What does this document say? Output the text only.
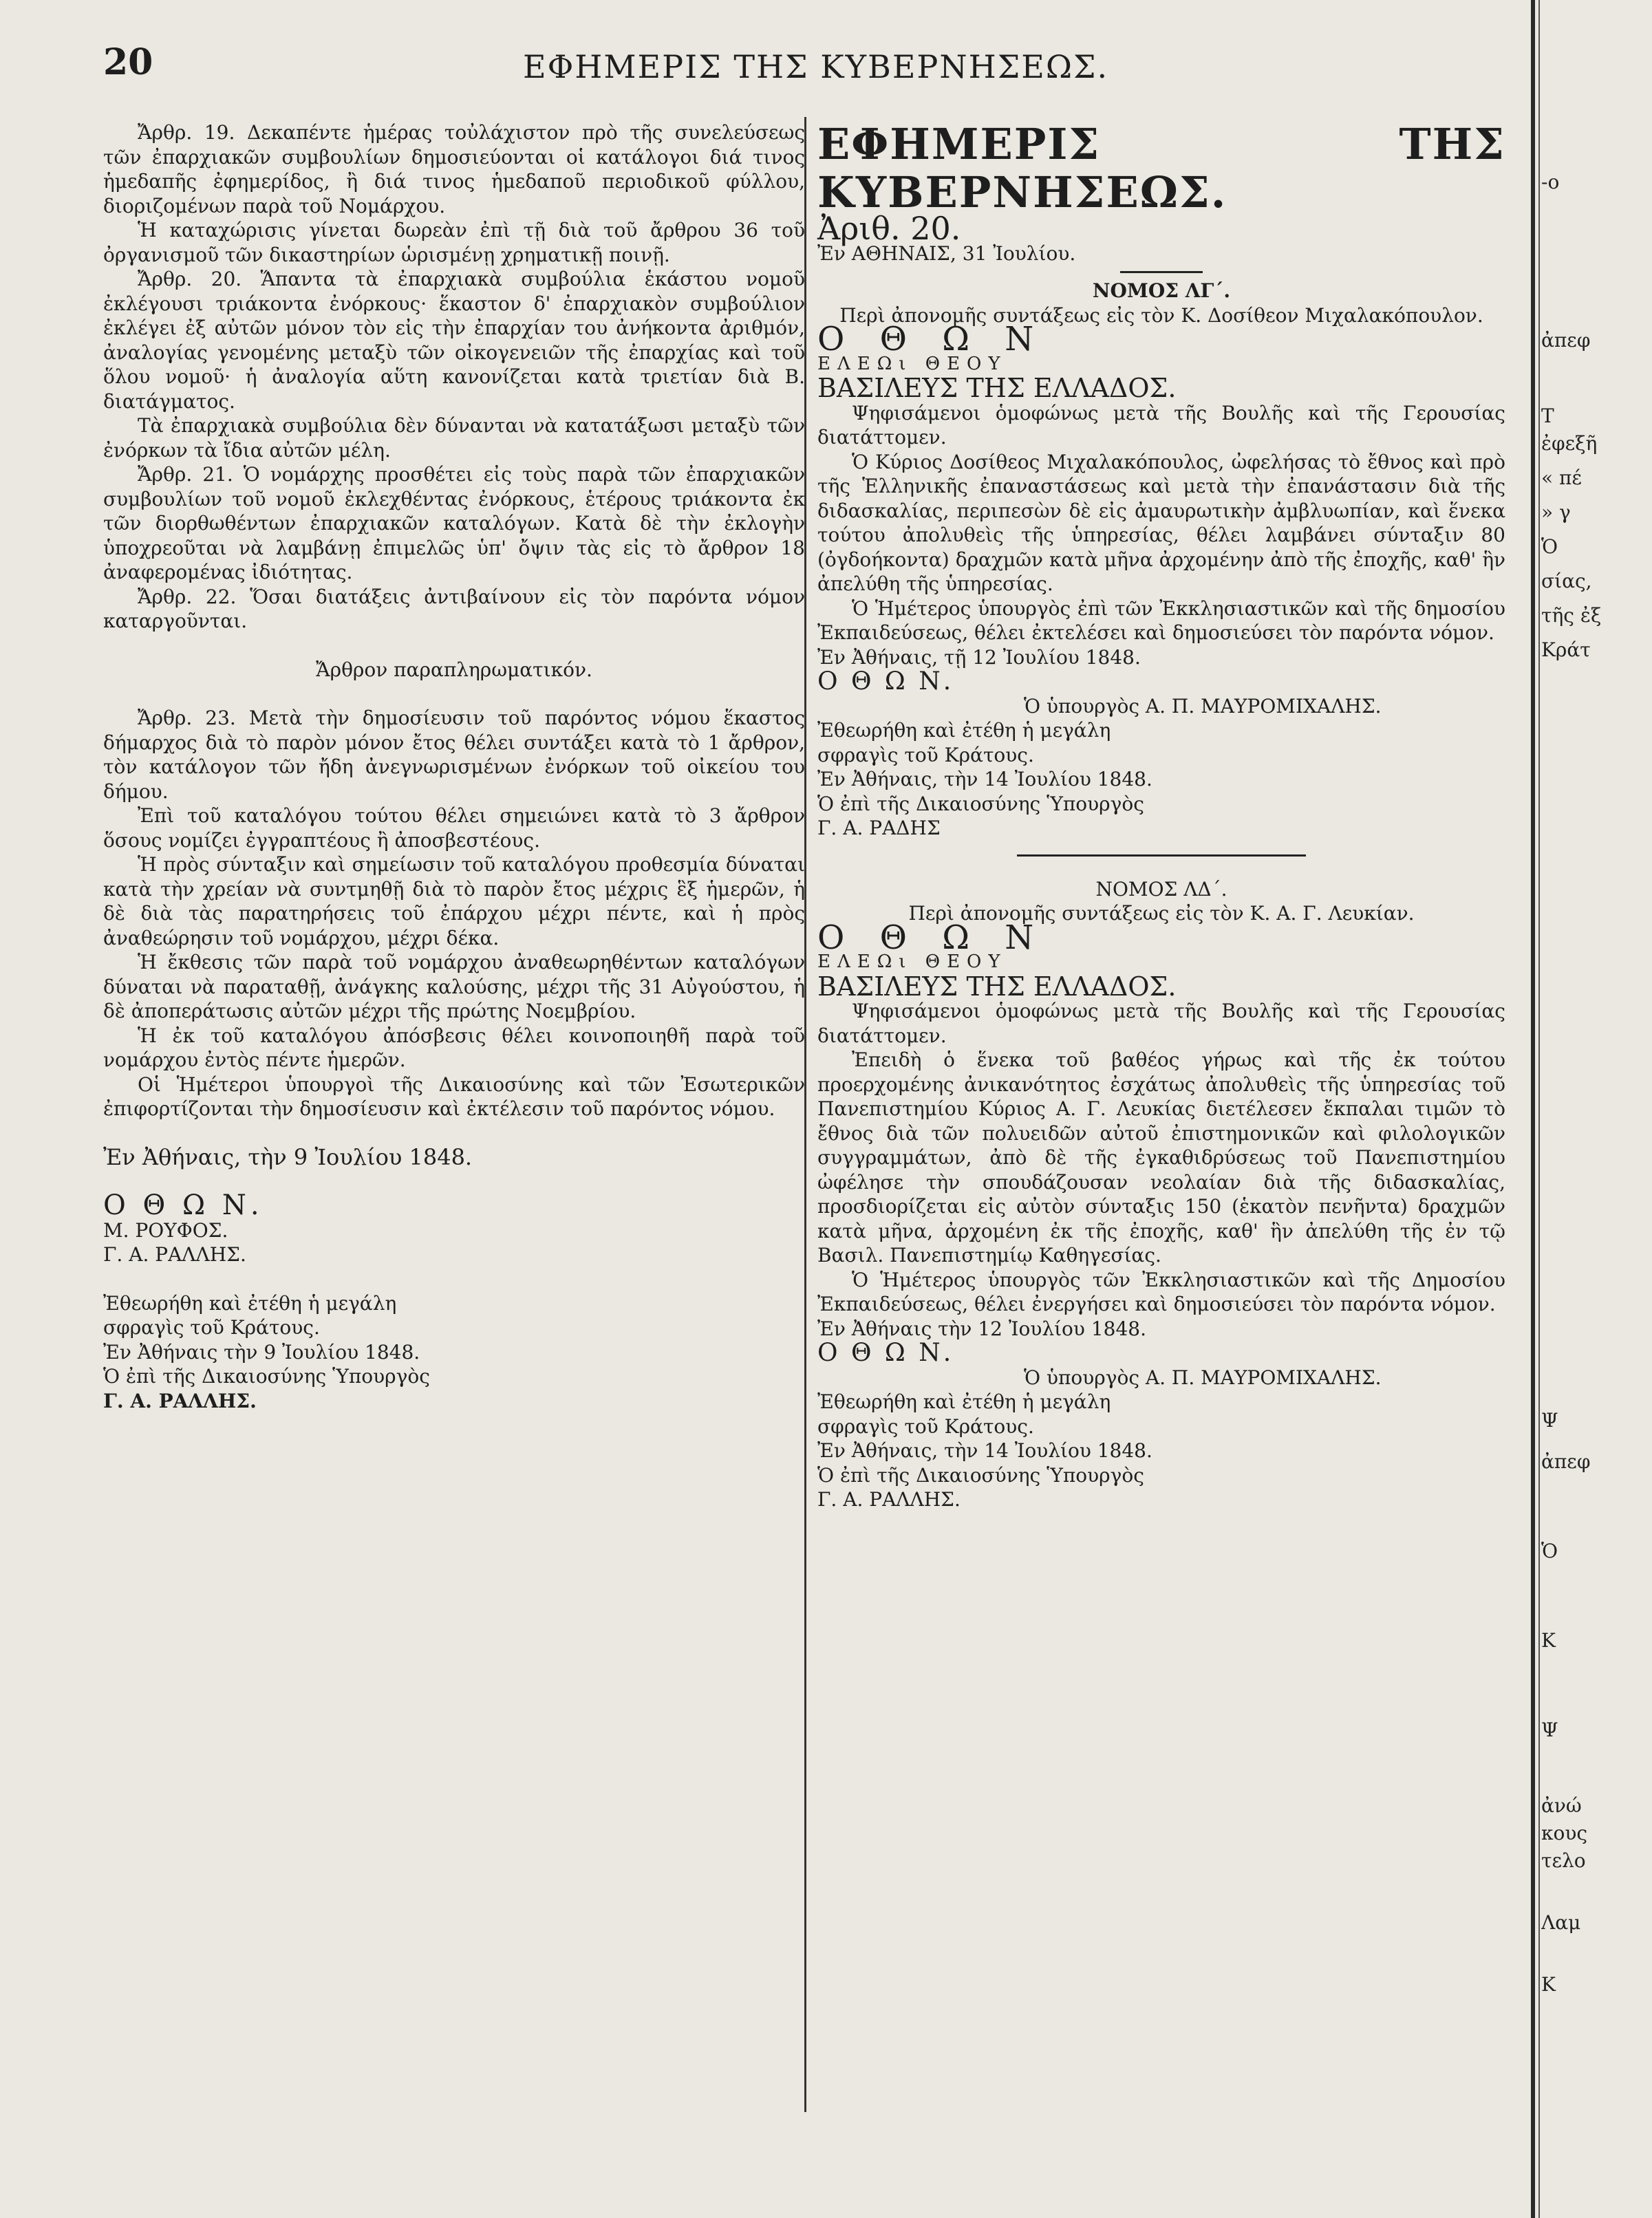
20	ΕΦΗΜΕΡΙΣ ΤΗΣ ΚΥΒΕΡΝΗΣΕΩΣ.

Ἄρθρ. 19. Δεκαπέντε ἡμέρας τοὐλάχιστον πρὸ τῆς συνελεύσεως τῶν ἐπαρχιακῶν συμβουλίων δημοσιεύονται οἱ κατάλογοι διά τινος ἡμεδαπῆς ἐφημερίδος, ἢ διά τινος ἡμεδαποῦ περιοδικοῦ φύλλου, διοριζομένων παρὰ τοῦ Νομάρχου.

Ἡ καταχώρισις γίνεται δωρεὰν ἐπὶ τῇ διὰ τοῦ ἄρθρου 36 τοῦ ὀργανισμοῦ τῶν δικαστηρίων ὡρισμένῃ χρηματικῇ ποινῇ.

Ἄρθρ. 20. Ἅπαντα τὰ ἐπαρχιακὰ συμβούλια ἑκάστου νομοῦ ἐκλέγουσι τριάκοντα ἐνόρκους· ἕκαστον δ' ἐπαρχιακὸν συμβούλιον ἐκλέγει ἐξ αὐτῶν μόνον τὸν εἰς τὴν ἐπαρχίαν του ἀνήκοντα ἀριθμόν, ἀναλογίας γενομένης μεταξὺ τῶν οἰκογενειῶν τῆς ἐπαρχίας καὶ τοῦ ὅλου νομοῦ· ἡ ἀναλογία αὕτη κανονίζεται κατὰ τριετίαν διὰ Β. διατάγματος.

Τὰ ἐπαρχιακὰ συμβούλια δὲν δύνανται νὰ κατατάξωσι μεταξὺ τῶν ἐνόρκων τὰ ἴδια αὐτῶν μέλη.

Ἄρθρ. 21. Ὁ νομάρχης προσθέτει εἰς τοὺς παρὰ τῶν ἐπαρχιακῶν συμβουλίων τοῦ νομοῦ ἐκλεχθέντας ἐνόρκους, ἑτέρους τριάκοντα ἐκ τῶν διορθωθέντων ἐπαρχιακῶν καταλόγων. Κατὰ δὲ τὴν ἐκλογὴν ὑποχρεοῦται νὰ λαμβάνῃ ἐπιμελῶς ὑπ' ὄψιν τὰς εἰς τὸ ἄρθρον 18 ἀναφερομένας ἰδιότητας.

Ἄρθρ. 22. Ὅσαι διατάξεις ἀντιβαίνουν εἰς τὸν παρόντα νόμον καταργοῦνται.

Ἄρθρον παραπληρωματικόν.

Ἄρθρ. 23. Μετὰ τὴν δημοσίευσιν τοῦ παρόντος νόμου ἕκαστος δήμαρχος διὰ τὸ παρὸν μόνον ἔτος θέλει συντάξει κατὰ τὸ 1 ἄρθρον, τὸν κατάλογον τῶν ἤδη ἀνεγνωρισμένων ἐνόρκων τοῦ οἰκείου του δήμου.

Ἐπὶ τοῦ καταλόγου τούτου θέλει σημειώνει κατὰ τὸ 3 ἄρθρον ὅσους νομίζει ἐγγραπτέους ἢ ἀποσβεστέους.

Ἡ πρὸς σύνταξιν καὶ σημείωσιν τοῦ καταλόγου προθεσμία δύναται κατὰ τὴν χρείαν νὰ συντμηθῇ διὰ τὸ παρὸν ἔτος μέχρις ἓξ ἡμερῶν, ἡ δὲ διὰ τὰς παρατηρήσεις τοῦ ἐπάρχου μέχρι πέντε, καὶ ἡ πρὸς ἀναθεώρησιν τοῦ νομάρχου, μέχρι δέκα.

Ἡ ἔκθεσις τῶν παρὰ τοῦ νομάρχου ἀναθεωρηθέντων καταλόγων δύναται νὰ παραταθῇ, ἀνάγκης καλούσης, μέχρι τῆς 31 Αὐγούστου, ἡ δὲ ἀποπεράτωσις αὐτῶν μέχρι τῆς πρώτης Νοεμβρίου.

Ἡ ἐκ τοῦ καταλόγου ἀπόσβεσις θέλει κοινοποιηθῆ παρὰ τοῦ νομάρχου ἐντὸς πέντε ἡμερῶν.

Οἱ Ἡμέτεροι ὑπουργοὶ τῆς Δικαιοσύνης καὶ τῶν Ἐσωτερικῶν ἐπιφορτίζονται τὴν δημοσίευσιν καὶ ἐκτέλεσιν τοῦ παρόντος νόμου.

Ἐν Ἀθήναις, τὴν 9 Ἰουλίου 1848.

Ο Θ Ω Ν.

Μ. ΡΟΥΦΟΣ.

Γ. Α. ΡΑΛΛΗΣ.

Ἐθεωρήθη καὶ ἐτέθη ἡ μεγάλη

σφραγὶς τοῦ Κράτους.

Ἐν Ἀθήναις τὴν 9 Ἰουλίου 1848.

Ὁ ἐπὶ τῆς Δικαιοσύνης Ὑπουργὸς

Γ. Α. ΡΑΛΛΗΣ.

ΕΦΗΜΕΡΙΣ ΤΗΣ ΚΥΒΕΡΝΗΣΕΩΣ.

Ἀριθ. 20.

Ἐν ΑΘΗΝΑΙΣ, 31 Ἰουλίου.

ΝΟΜΟΣ ΛΓ΄.

Περὶ ἀπονομῆς συντάξεως εἰς τὸν Κ. Δοσίθεον Μιχαλακόπουλον.

Ο Θ Ω Ν

ΕΛΕΩι ΘΕΟΥ

ΒΑΣΙΛΕΥΣ ΤΗΣ ΕΛΛΑΔΟΣ.

Ψηφισάμενοι ὁμοφώνως μετὰ τῆς Βουλῆς καὶ τῆς Γερουσίας διατάττομεν.

Ὁ Κύριος Δοσίθεος Μιχαλακόπουλος, ὠφελήσας τὸ ἔθνος καὶ πρὸ τῆς Ἑλληνικῆς ἐπαναστάσεως καὶ μετὰ τὴν ἐπανάστασιν διὰ τῆς διδασκαλίας, περιπεσὼν δὲ εἰς ἀμαυρωτικὴν ἀμβλυωπίαν, καὶ ἕνεκα τούτου ἀπολυθεὶς τῆς ὑπηρεσίας, θέλει λαμβάνει σύνταξιν 80 (ὀγδοήκοντα) δραχμῶν κατὰ μῆνα ἀρχομένην ἀπὸ τῆς ἐποχῆς, καθ' ἣν ἀπελύθη τῆς ὑπηρεσίας.

Ὁ Ἡμέτερος ὑπουργὸς ἐπὶ τῶν Ἐκκλησιαστικῶν καὶ τῆς δημοσίου Ἐκπαιδεύσεως, θέλει ἐκτελέσει καὶ δημοσιεύσει τὸν παρόντα νόμον.

Ἐν Ἀθήναις, τῇ 12 Ἰουλίου 1848.

Ο Θ Ω Ν.

Ὁ ὑπουργὸς Α. Π. ΜΑΥΡΟΜΙΧΑΛΗΣ.

Ἐθεωρήθη καὶ ἐτέθη ἡ μεγάλη

σφραγὶς τοῦ Κράτους.

Ἐν Ἀθήναις, τὴν 14 Ἰουλίου 1848.

Ὁ ἐπὶ τῆς Δικαιοσύνης Ὑπουργὸς

Γ. Α. ΡΑΔΗΣ

ΝΟΜΟΣ ΛΔ΄.

Περὶ ἀπονομῆς συντάξεως εἰς τὸν Κ. Α. Γ. Λευκίαν.

Ο Θ Ω Ν

ΕΛΕΩι ΘΕΟΥ

ΒΑΣΙΛΕΥΣ ΤΗΣ ΕΛΛΑΔΟΣ.

Ψηφισάμενοι ὁμοφώνως μετὰ τῆς Βουλῆς καὶ τῆς Γερουσίας διατάττομεν.

Ἐπειδὴ ὁ ἕνεκα τοῦ βαθέος γήρως καὶ τῆς ἐκ τούτου προερχομένης ἀνικανότητος ἐσχάτως ἀπολυθεὶς τῆς ὑπηρεσίας τοῦ Πανεπιστημίου Κύριος Α. Γ. Λευκίας διετέλεσεν ἔκπαλαι τιμῶν τὸ ἔθνος διὰ τῶν πολυειδῶν αὐτοῦ ἐπιστημονικῶν καὶ φιλολογικῶν συγγραμμάτων, ἀπὸ δὲ τῆς ἐγκαθιδρύσεως τοῦ Πανεπιστημίου ὠφέλησε τὴν σπουδάζουσαν νεολαίαν διὰ τῆς διδασκαλίας, προσδιορίζεται εἰς αὐτὸν σύνταξις 150 (ἑκατὸν πενῆντα) δραχμῶν κατὰ μῆνα, ἀρχομένη ἐκ τῆς ἐποχῆς, καθ' ἣν ἀπελύθη τῆς ἐν τῷ Βασιλ. Πανεπιστημίῳ Καθηγεσίας.

Ὁ Ἡμέτερος ὑπουργὸς τῶν Ἐκκλησιαστικῶν καὶ τῆς Δημοσίου Ἐκπαιδεύσεως, θέλει ἐνεργήσει καὶ δημοσιεύσει τὸν παρόντα νόμον.

Ἐν Ἀθήναις τὴν 12 Ἰουλίου 1848.

Ο Θ Ω Ν.

Ὁ ὑπουργὸς Α. Π. ΜΑΥΡΟΜΙΧΑΛΗΣ.

Ἐθεωρήθη καὶ ἐτέθη ἡ μεγάλη

σφραγὶς τοῦ Κράτους.

Ἐν Ἀθήναις, τὴν 14 Ἰουλίου 1848.

Ὁ ἐπὶ τῆς Δικαιοσύνης Ὑπουργὸς

Γ. Α. ΡΑΛΛΗΣ.

-ο
ἀπεφ
Τ
ἐφεξῆ
« πέ
» γ
Ὁ
σίας,
τῆς ἐξ
Κράτ
Ψ
ἀπεφ
Ὁ
Κ
Ψ
ἀνώ
κους
τελο
Λαμ
Κ
